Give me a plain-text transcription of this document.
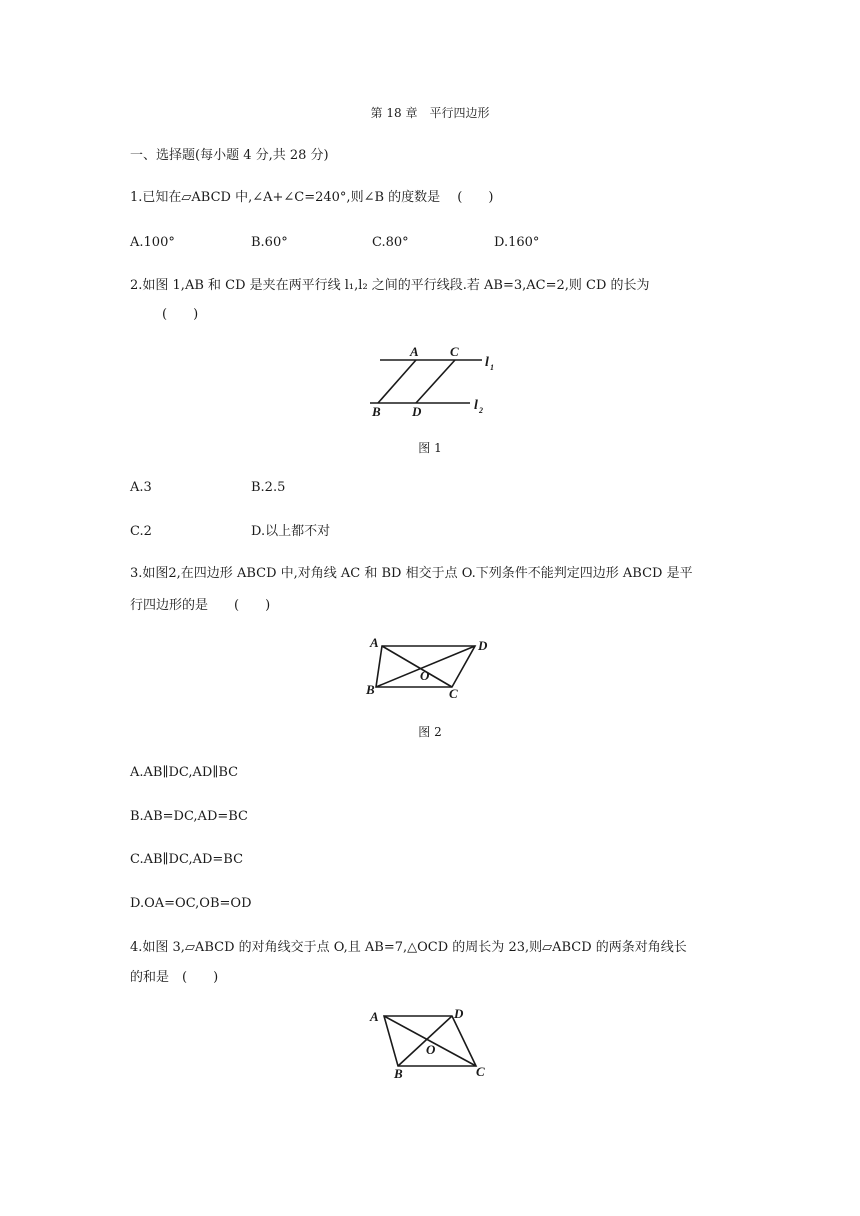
第 18 章　平行四边形
一、选择题(每小题 4 分,共 28 分)
1.已知在▱ABCD 中,∠A+∠C=240°,则∠B 的度数是　 (　　)
A.100°	B.60°	C.80°	D.160°
2.如图 1,AB 和 CD 是夹在两平行线 l₁,l₂ 之间的平行线段.若 AB=3,AC=2,则 CD 的长为
(　　)
A C
B D
l 1
l 2
图 1
A.3	B.2.5
C.2	D.以上都不对
3.如图2,在四边形 ABCD 中,对角线 AC 和 BD 相交于点 O.下列条件不能判定四边形 ABCD 是平
行四边形的是　　(　　)
A	D
B	C
O
图 2
A.AB∥DC,AD∥BC
B.AB=DC,AD=BC
C.AB∥DC,AD=BC
D.OA=OC,OB=OD
4.如图 3,▱ABCD 的对角线交于点 O,且 AB=7,△OCD 的周长为 23,则▱ABCD 的两条对角线长
的和是　(　　)
A	D
B	C
O
